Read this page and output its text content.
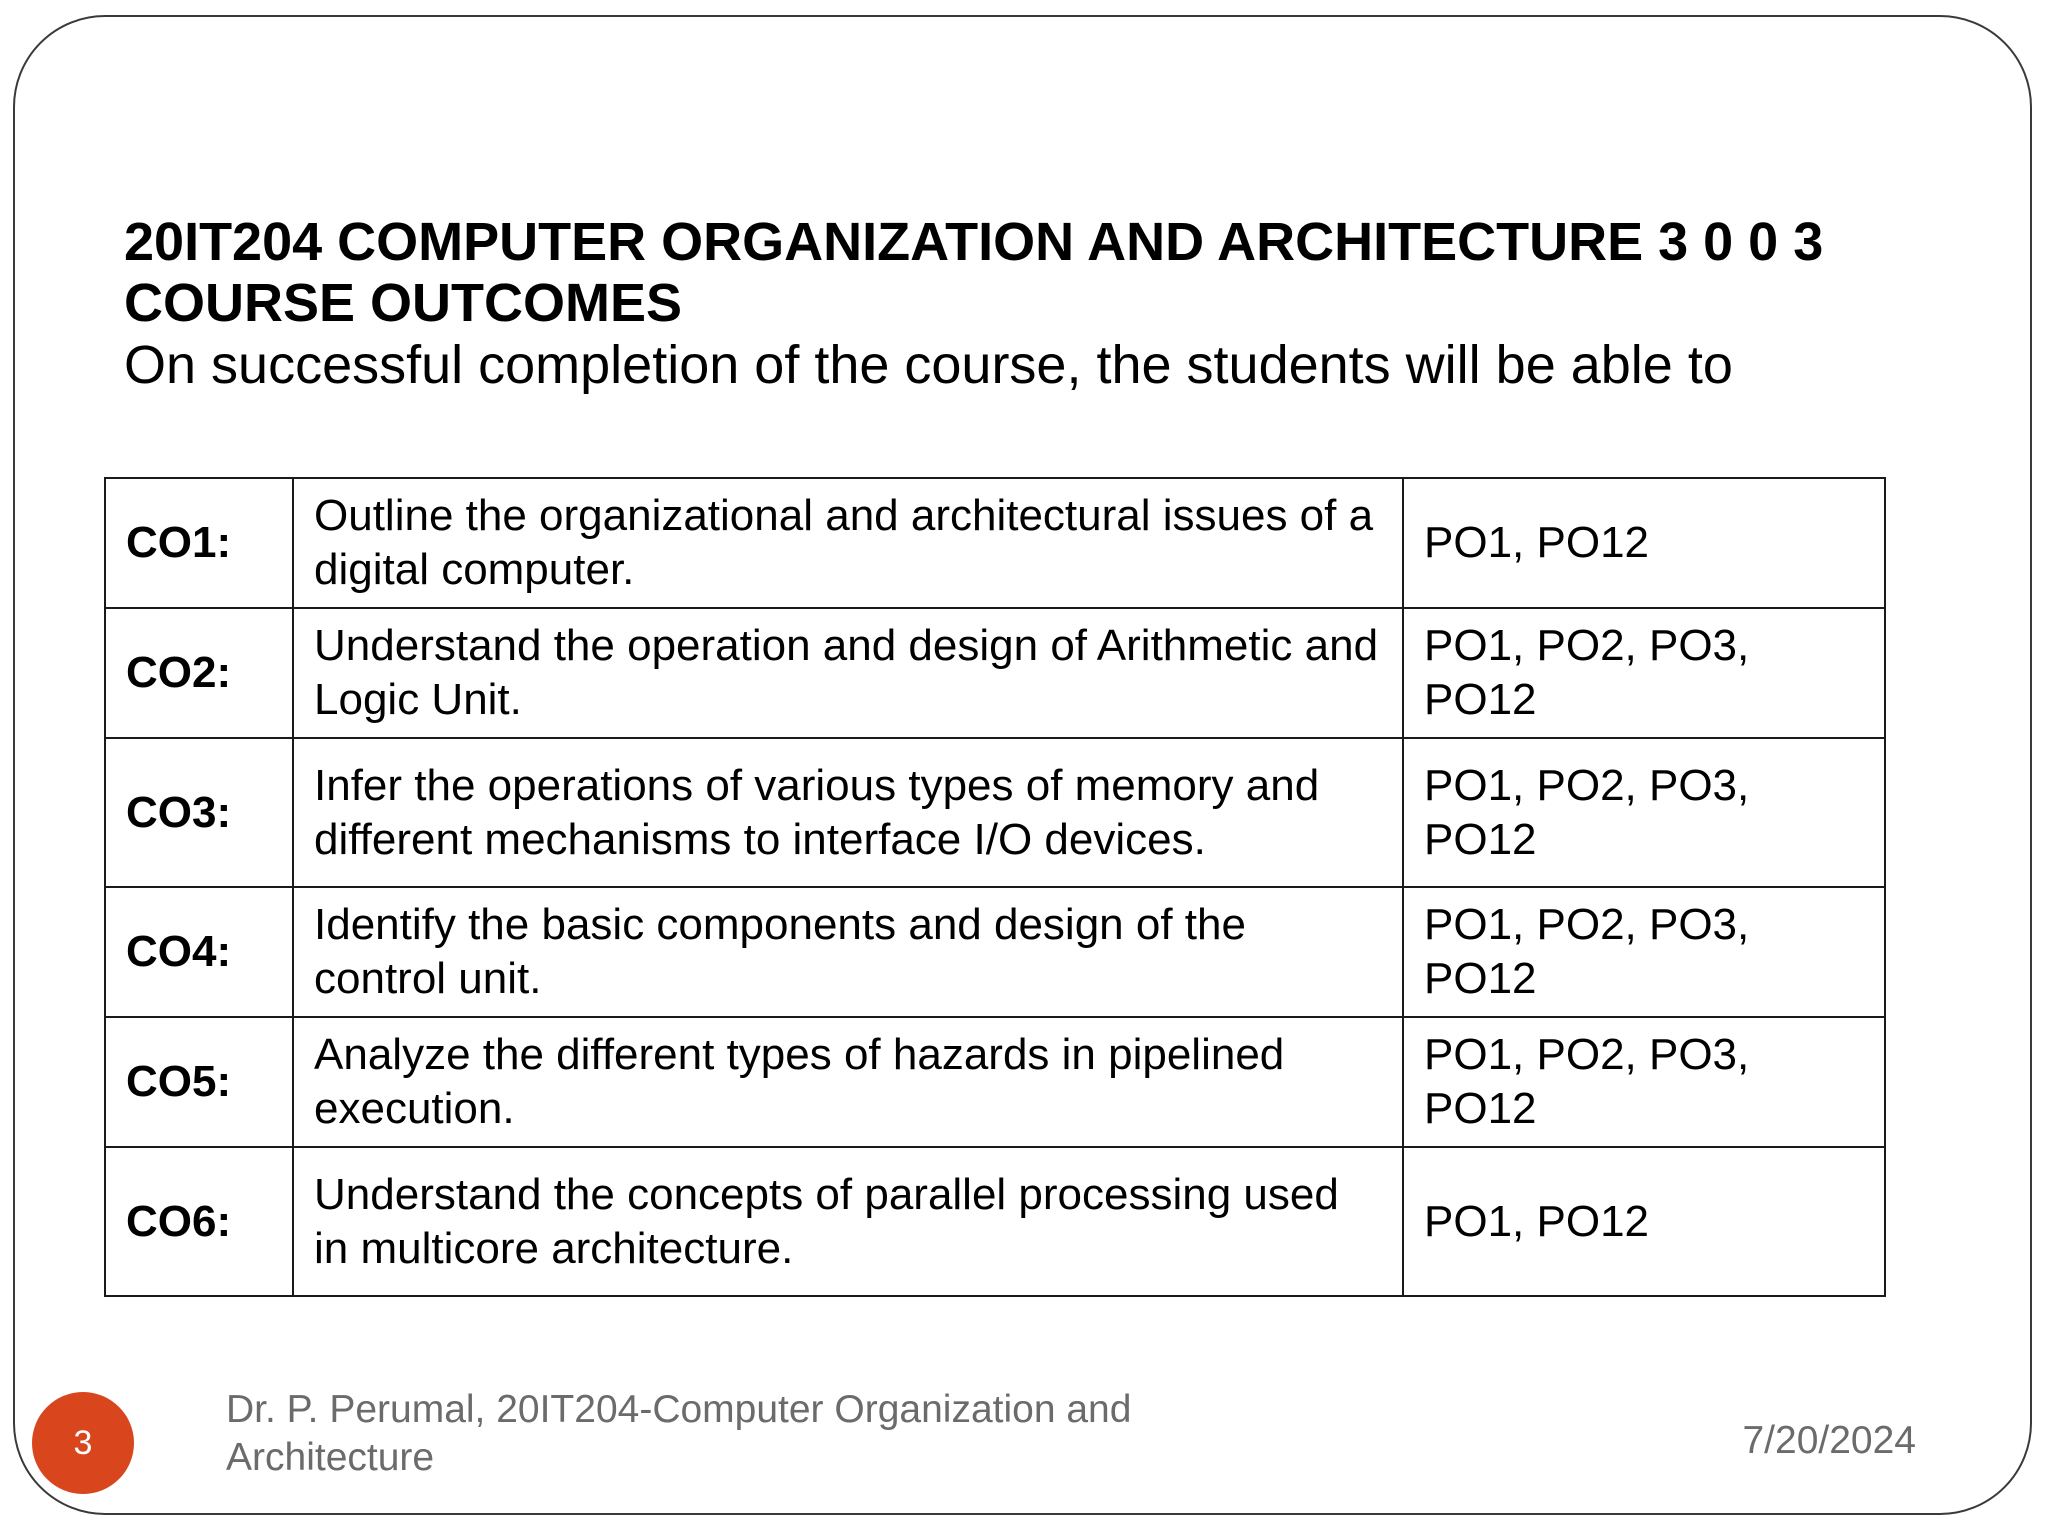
20IT204 COMPUTER ORGANIZATION AND ARCHITECTURE 3 0 0 3

COURSE OUTCOMES

On successful completion of the course, the students will be able to

CO1:	Outline the organizational and architectural issues of a digital computer.	PO1, PO12
CO2:	Understand the operation and design of Arithmetic and Logic Unit.	PO1, PO2, PO3, PO12
CO3:	Infer the operations of various types of memory and different mechanisms to interface I/O devices.	PO1, PO2, PO3, PO12
CO4:	Identify the basic components and design of the control unit.	PO1, PO2, PO3, PO12
CO5:	Analyze the different types of hazards in pipelined execution.	PO1, PO2, PO3, PO12
CO6:	Understand the concepts of parallel processing used in multicore architecture.	PO1, PO12
3
Dr. P. Perumal, 20IT204-Computer Organization and Architecture	7/20/2024
